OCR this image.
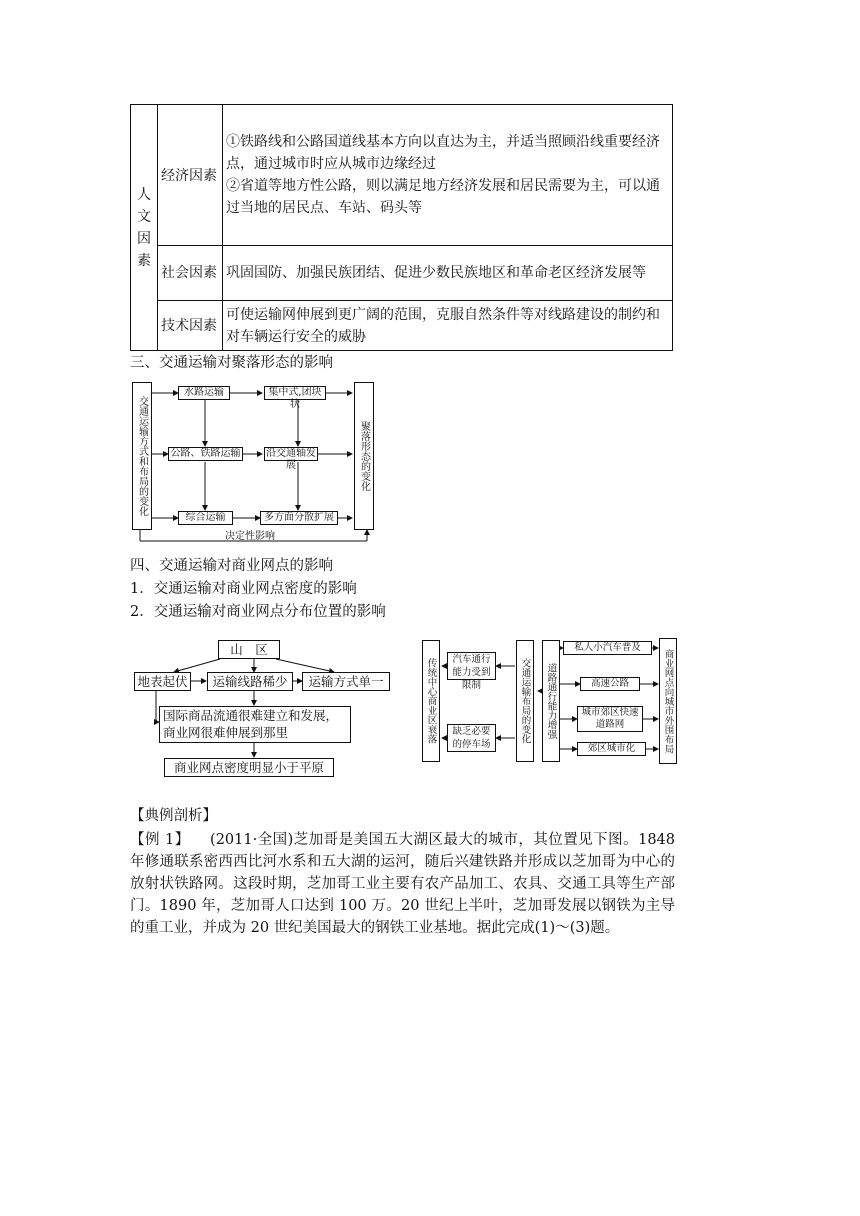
人文因素	经济因素	①铁路线和公路国道线基本方向以直达为主，并适当照顾沿线重要经济点，通过城市时应从城市边缘经过
②省道等地方性公路，则以满足地方经济发展和居民需要为主，可以通过当地的居民点、车站、码头等

	社会因素	巩固国防、加强民族团结、促进少数民族地区和革命老区经济发展等

	技术因素	可使运输网伸展到更广阔的范围，克服自然条件等对线路建设的制约和对车辆运行安全的威胁
三、交通运输对聚落形态的影响
交通运输方式和布局的变化	聚落形态的变化
水路运输
公路、铁路运输
综合运输
集中式,团块状
沿交通轴发展
多方面分散扩展
决定性影响
四、交通运输对商业网点的影响
1．交通运输对商业网点密度的影响
2．交通运输对商业网点分布位置的影响
山　区
地表起伏	运输线路稀少	运输方式单一
国际商品流通很难建立和发展，
商业网很难伸展到那里
商业网点密度明显小于平原
传统中心商业区衰落	汽车通行能力受到限制
缺乏必要的停车场
交通运输布局的变化	道路通行能力增强
私人小汽车普及
高速公路
城市郊区快速道路网
郊区城市化	商业网点向城市外围布局
【典例剖析】
【例 1】 (2011·全国)芝加哥是美国五大湖区最大的城市，其位置见下图。1848 年修通联系密西西比河水系和五大湖的运河，随后兴建铁路并形成以芝加哥为中心的放射状铁路网。这段时期，芝加哥工业主要有农产品加工、农具、交通工具等生产部门。1890 年，芝加哥人口达到 100 万。20 世纪上半叶，芝加哥发展以钢铁为主导的重工业，并成为 20 世纪美国最大的钢铁工业基地。据此完成(1)～(3)题。
